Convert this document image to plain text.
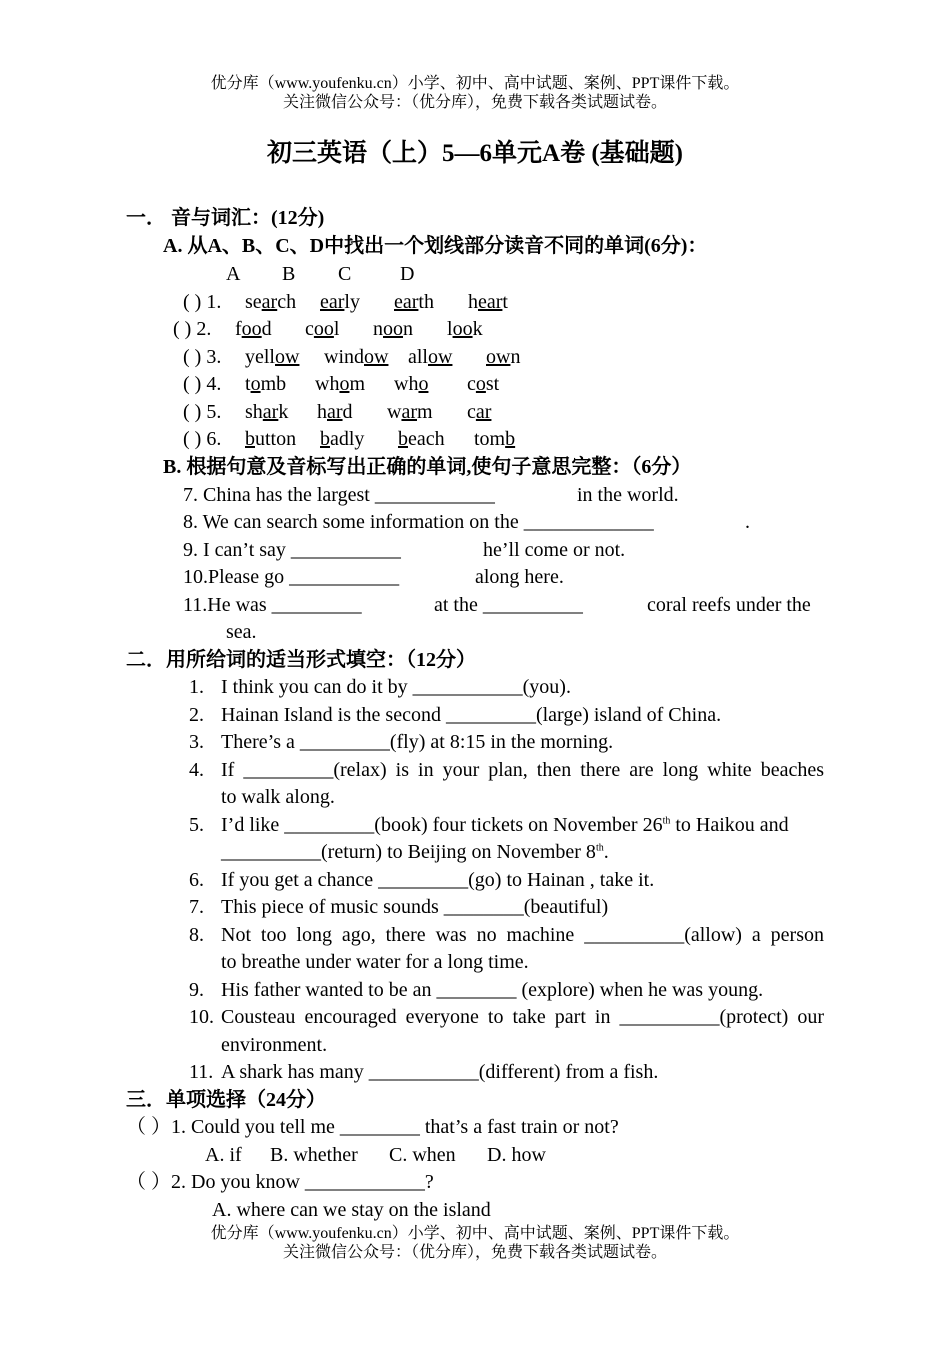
优分库（www.youfenku.cn）小学、初中、高中试题、案例、PPT课件下载。
关注微信公众号：（优分库），免费下载各类试题试卷。
初三英语（上）5—6单元A卷 (基础题)
一． 音与词汇：(12分)
A. 从A、B、C、D中找出一个划线部分读音不同的单词(6分)：
A B C D
( ) 1. search early earth heart
( ) 2. food cool noon look
( ) 3. yellow window allow own
( ) 4. tomb whom who cost
( ) 5. shark hard warm car
( ) 6. button badly beach tomb
B. 根据句意及音标写出正确的单词,使句子意思完整：（6分）
7. China has the largest ____________	in the world.
8. We can search some information on the _____________	.
9. I can’t say ___________	he’ll come or not.
10.Please go ___________	along here.
11.He was _________	at the __________	coral reefs under the
sea.
二．用所给词的适当形式填空：（12分）
1. I think you can do it by ___________(you).
2. Hainan Island is the second _________(large) island of China.
3. There’s a _________(fly) at 8:15 in the morning.
4. If _________(relax) is in your plan, then there are long white beaches
to walk along.
5. I’d like _________(book) four tickets on November 26th to Haikou and
__________(return) to Beijing on November 8th.
6. If you get a chance _________(go) to Hainan , take it.
7. This piece of music sounds ________(beautiful)
8. Not too long ago, there was no machine __________(allow) a person
to breathe under water for a long time.
9. His father wanted to be an ________ (explore) when he was young.
10. Cousteau encouraged everyone to take part in __________(protect) our
environment.
11. A shark has many ___________(different) from a fish.
三．单项选择（24分）
（ ）1. Could you tell me ________ that’s a fast train or not?
A. if B. whether C. when D. how
（ ）2. Do you know ____________?
A. where can we stay on the island
优分库（www.youfenku.cn）小学、初中、高中试题、案例、PPT课件下载。
关注微信公众号：（优分库），免费下载各类试题试卷。
